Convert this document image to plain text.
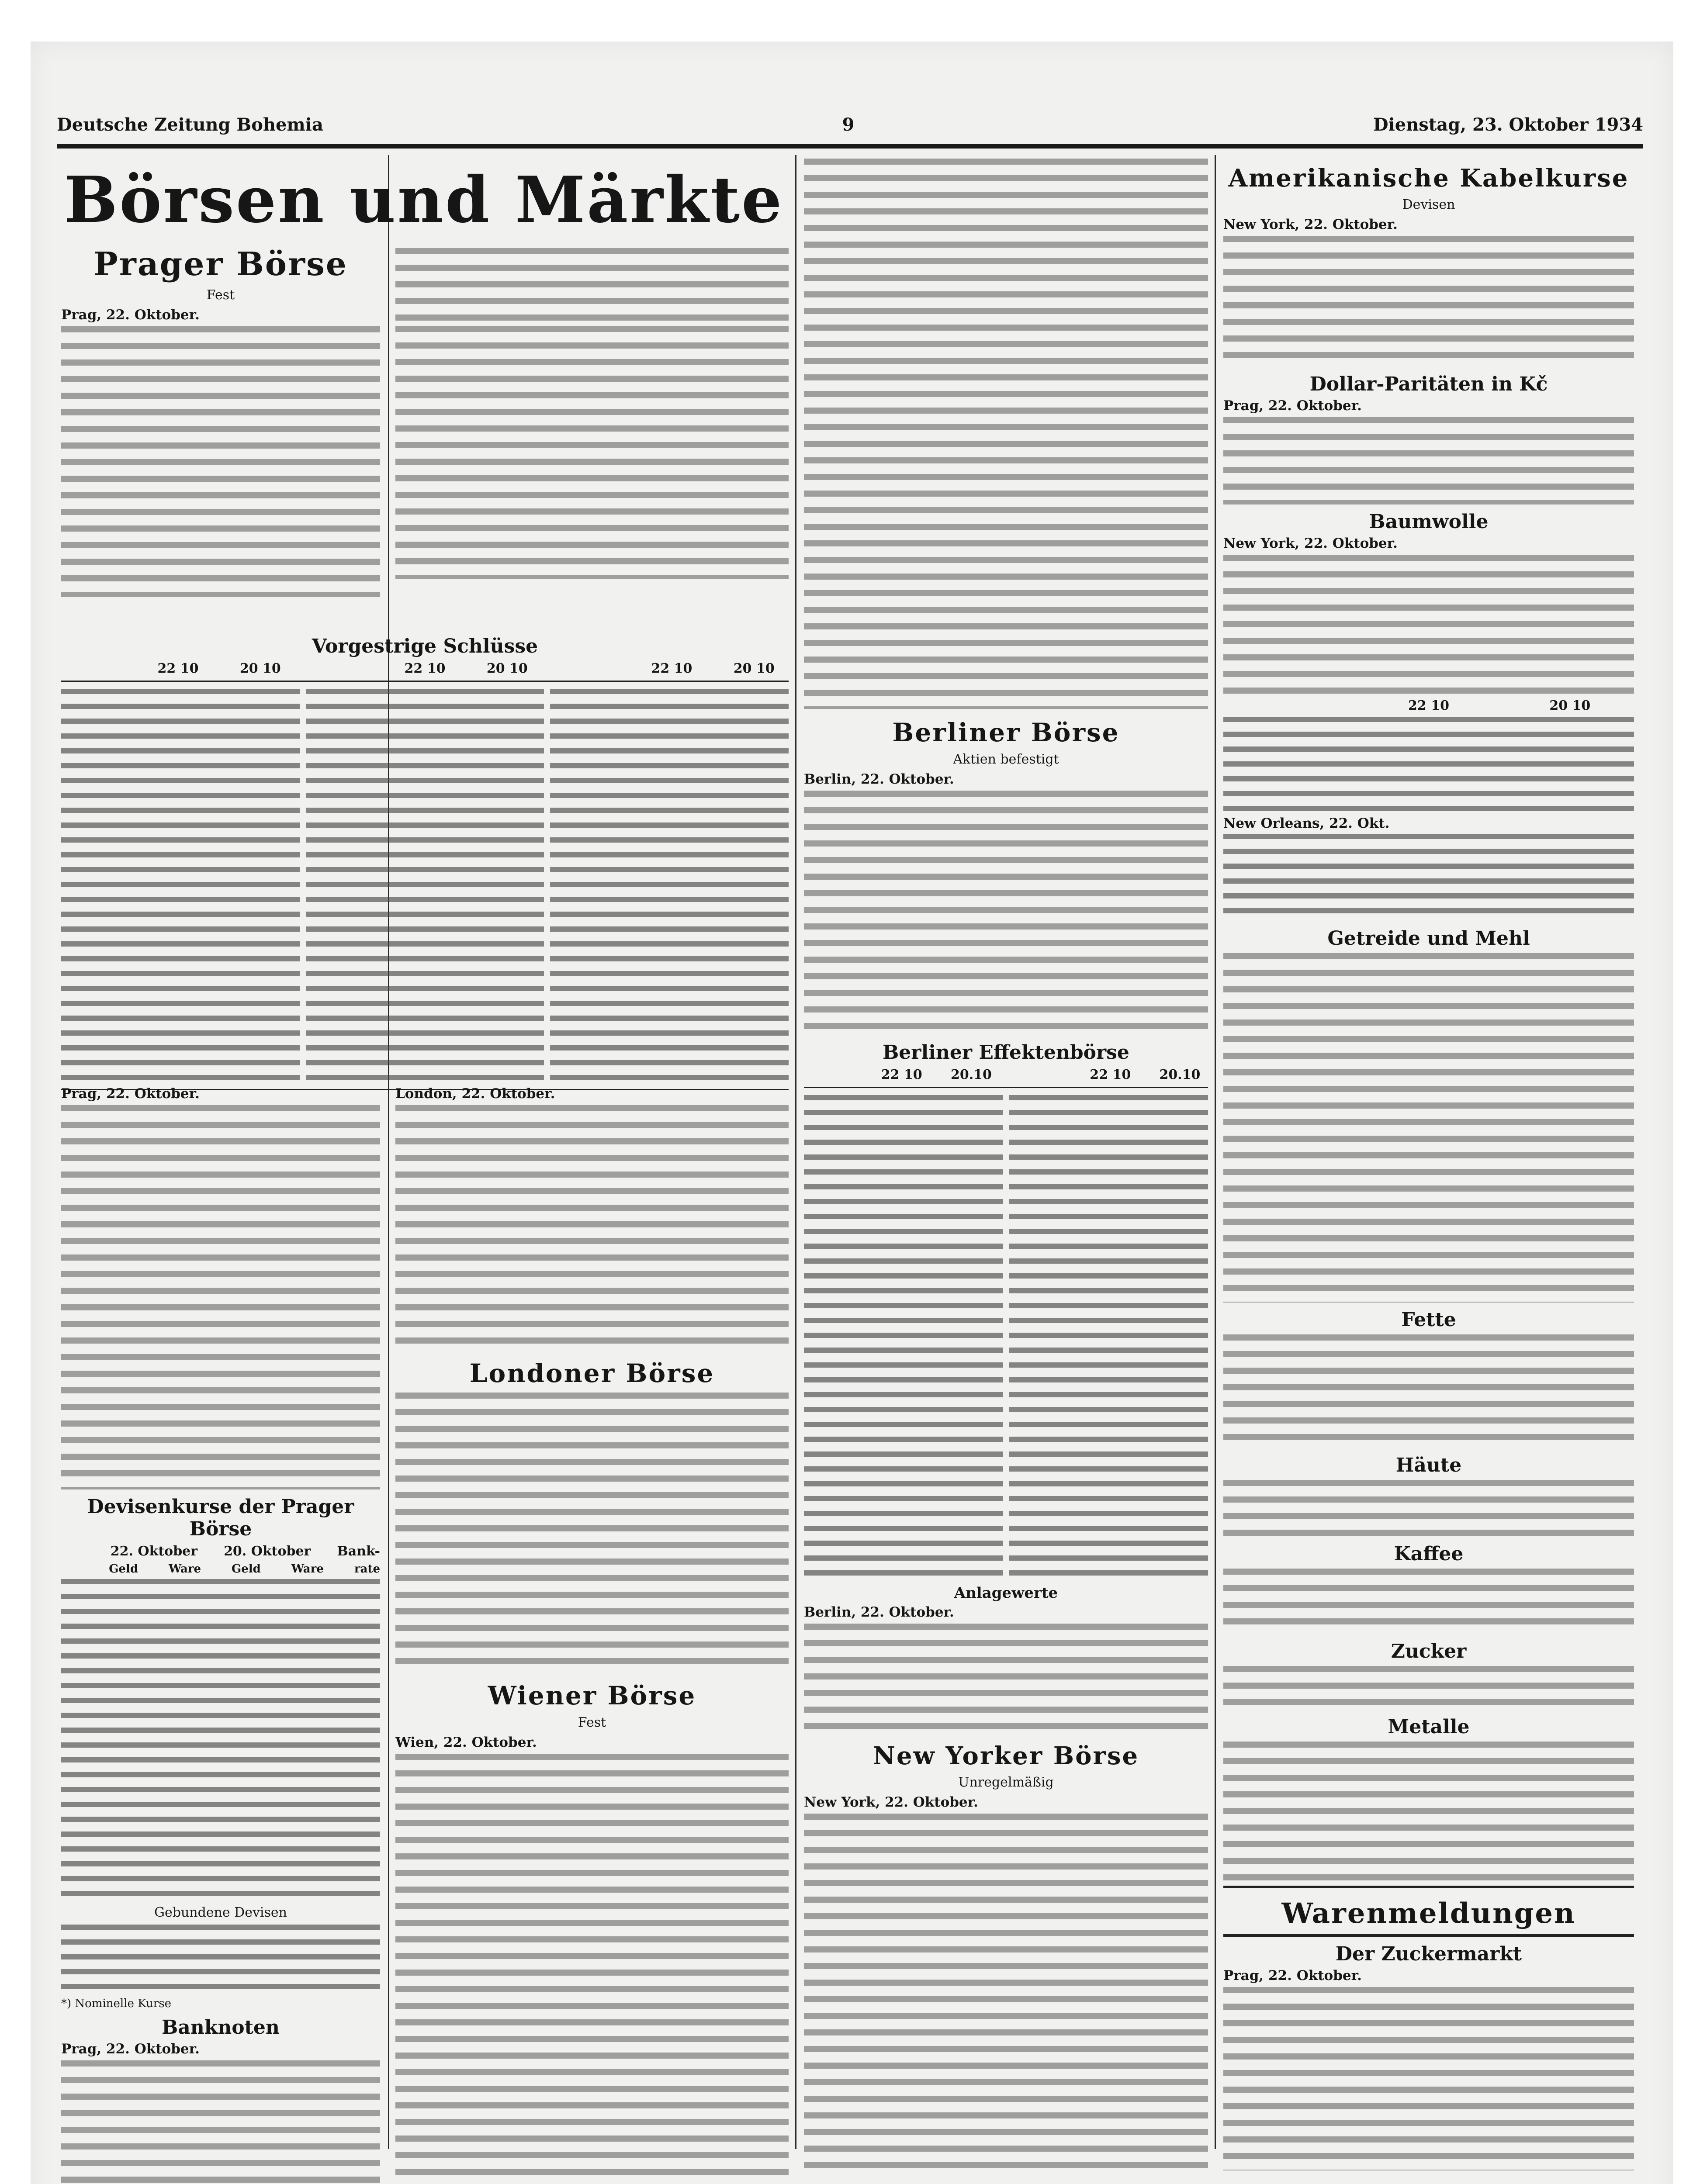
Deutsche Zeitung Bohemia	9	Dienstag, 23. Oktober 1934
Börsen und Märkte
Prager Börse
Fest
Prag, 22. Oktober.
Vorgestrige Schlüsse
22 10	20 10	22 10	20 10	22 10	20 10
Prag, 22. Oktober.
Devisenkurse der Prager Börse
22. Oktober 20. Oktober Bank-
Geld	Ware	Geld	Ware	rate
Gebundene Devisen
*) Nominelle Kurse
Banknoten
Prag, 22. Oktober.
London, 22. Oktober.
Londoner Börse
Wiener Börse
Fest
Wien, 22. Oktober.
Berliner Börse
Aktien befestigt
Berlin, 22. Oktober.
Berliner Effektenbörse
22 10	20.10	22 10	20.10
Anlagewerte
Berlin, 22. Oktober.
New Yorker Börse
Unregelmäßig
New York, 22. Oktober.
Amerikanische Kabelkurse
Devisen
New York, 22. Oktober.
Dollar-Paritäten in Kč
Prag, 22. Oktober.
Baumwolle
New York, 22. Oktober.
22 10	20 10
New Orleans, 22. Okt.
Getreide und Mehl
Fette
Häute
Kaffee
Zucker
Metalle
Warenmeldungen
Der Zuckermarkt
Prag, 22. Oktober.
